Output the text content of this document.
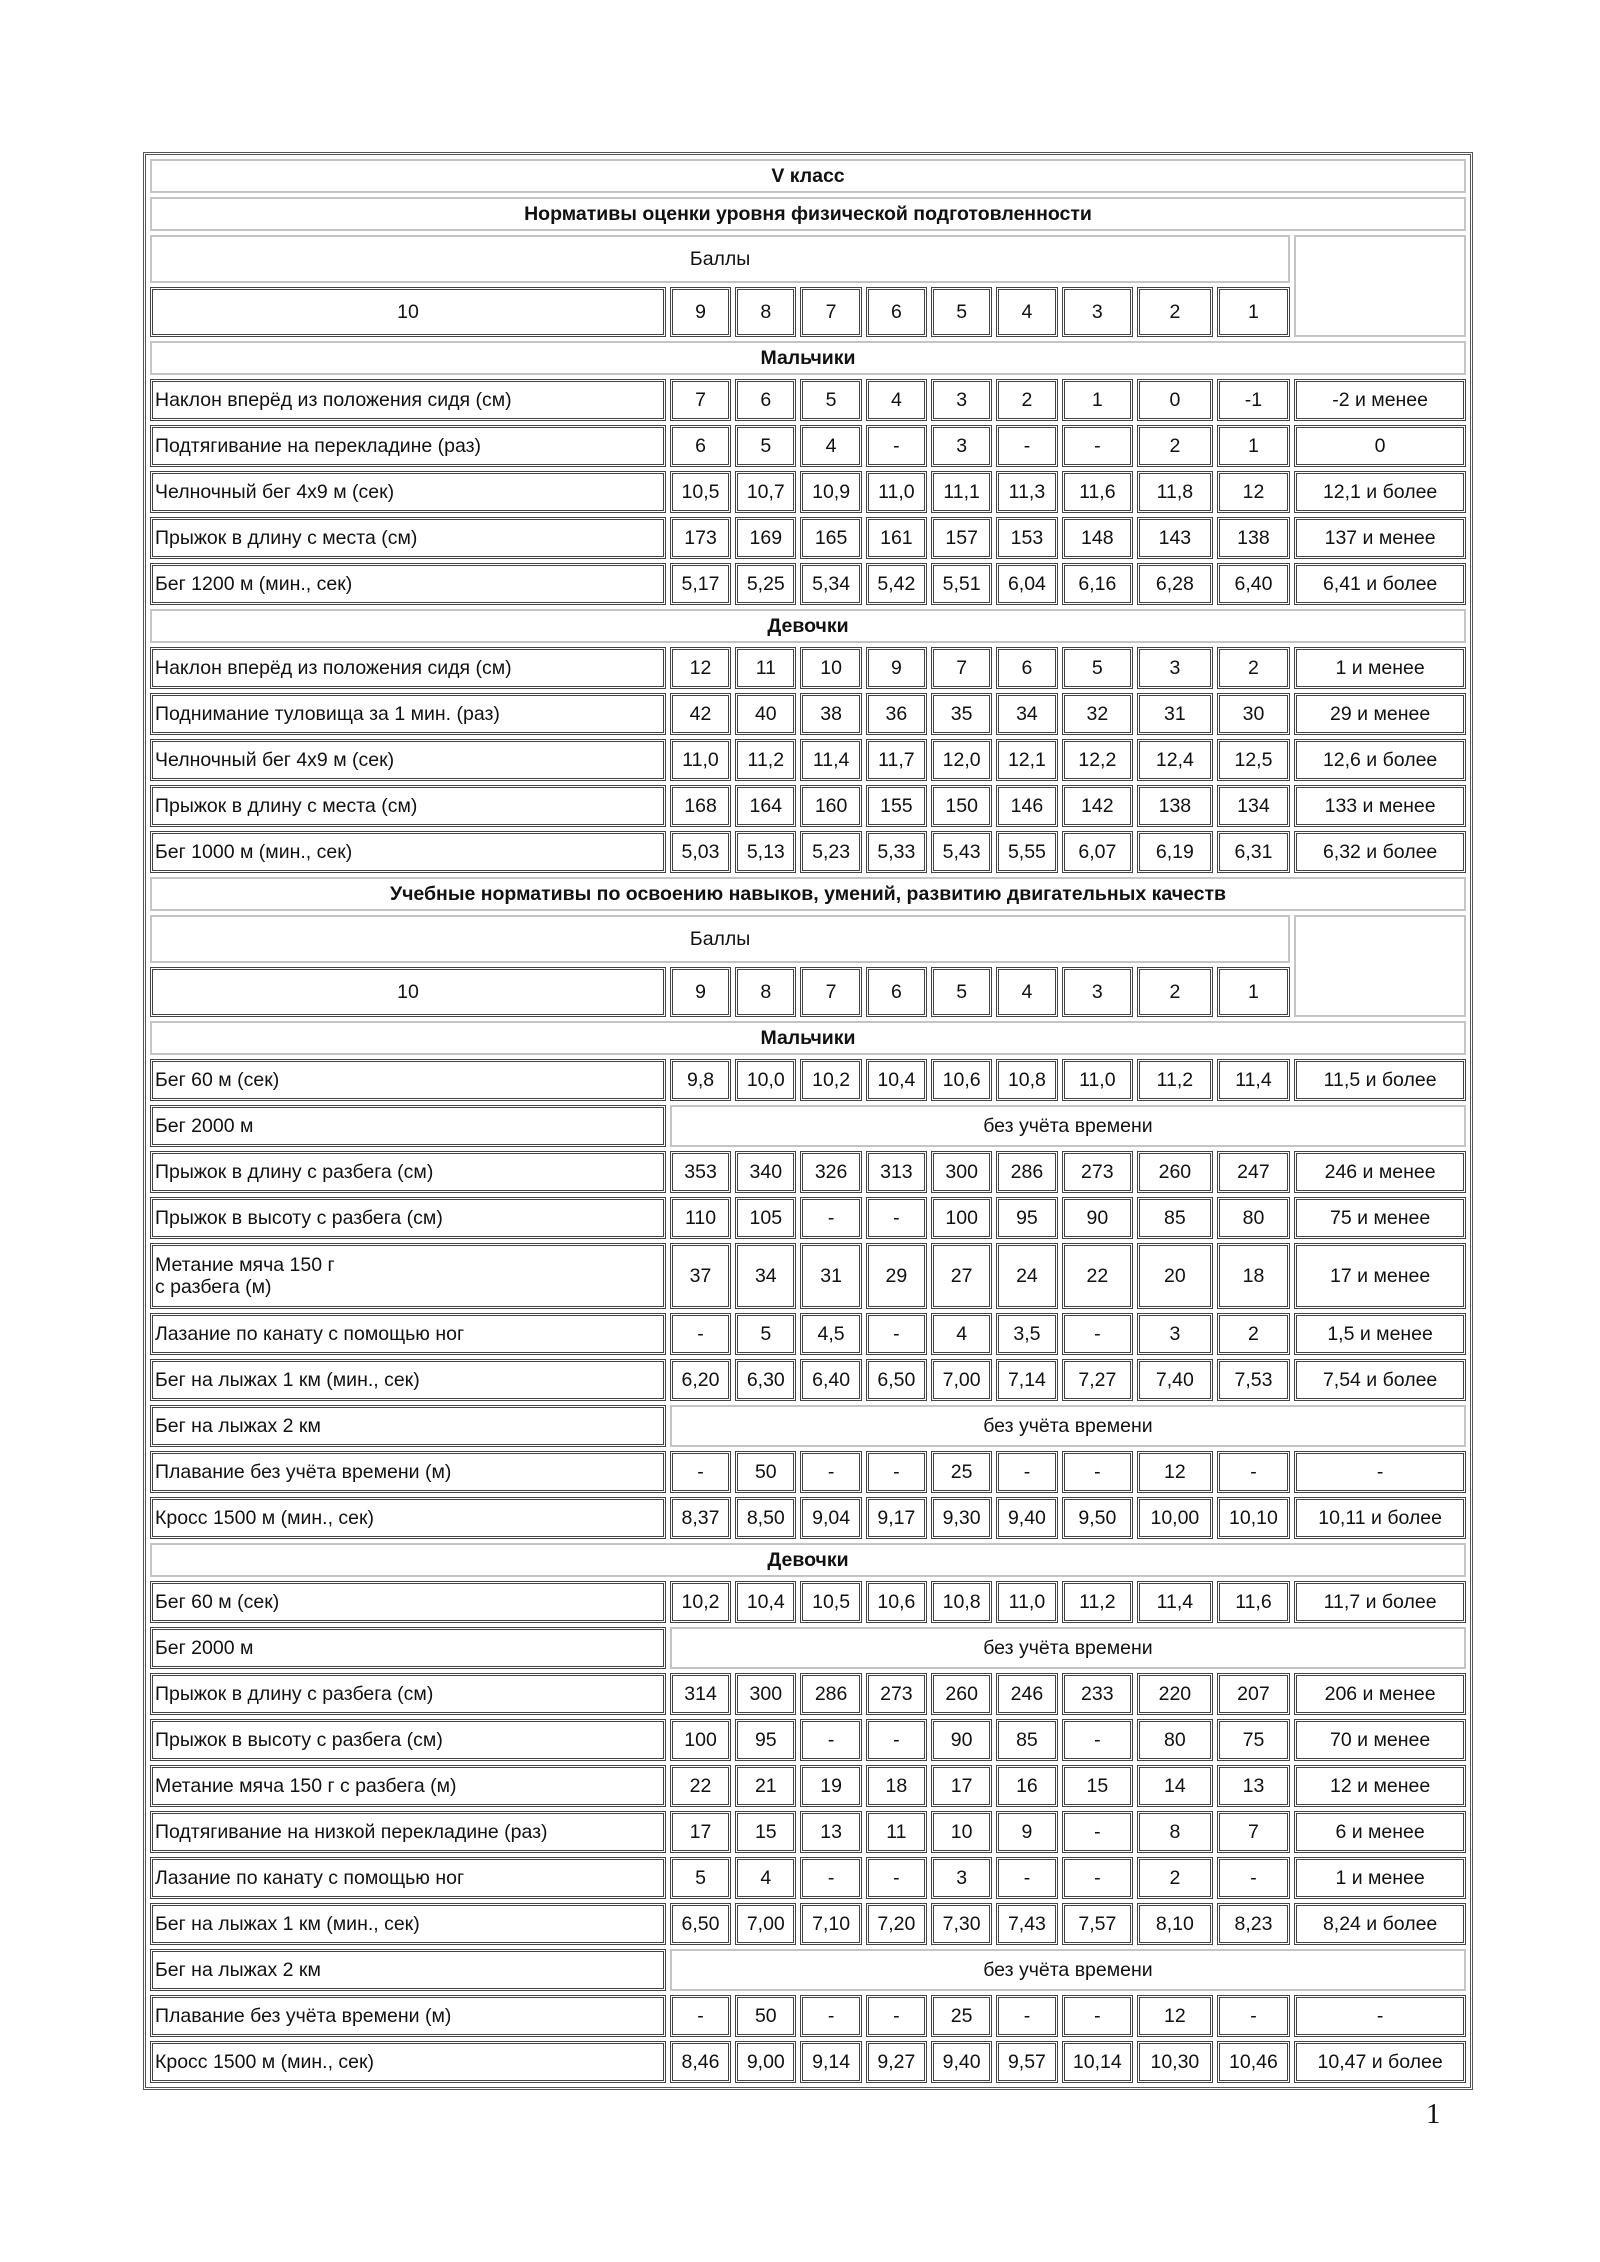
V класс										
Нормативы оценки уровня физической подготовленности										
Баллы										
10	9	8	7	6	5	4	3	2	1	
Мальчики										
Наклон вперёд из положения сидя (см)	7	6	5	4	3	2	1	0	-1	-2 и менее
Подтягивание на перекладине (раз)	6	5	4	-	3	-	-	2	1	0
Челночный бег 4х9 м (сек)	10,5	10,7	10,9	11,0	11,1	11,3	11,6	11,8	12	12,1 и более
Прыжок в длину с места (см)	173	169	165	161	157	153	148	143	138	137 и менее
Бег 1200 м (мин., сек)	5,17	5,25	5,34	5,42	5,51	6,04	6,16	6,28	6,40	6,41 и более
Девочки										
Наклон вперёд из положения сидя (см)	12	11	10	9	7	6	5	3	2	1 и менее
Поднимание туловища за 1 мин. (раз)	42	40	38	36	35	34	32	31	30	29 и менее
Челночный бег 4х9 м (сек)	11,0	11,2	11,4	11,7	12,0	12,1	12,2	12,4	12,5	12,6 и более
Прыжок в длину с места (см)	168	164	160	155	150	146	142	138	134	133 и менее
Бег 1000 м (мин., сек)	5,03	5,13	5,23	5,33	5,43	5,55	6,07	6,19	6,31	6,32 и более
Учебные нормативы по освоению навыков, умений, развитию двигательных качеств										
Баллы										
10	9	8	7	6	5	4	3	2	1	
Мальчики										
Бег 60 м (сек)	9,8	10,0	10,2	10,4	10,6	10,8	11,0	11,2	11,4	11,5 и более
Бег 2000 м	без учёта времени									
Прыжок в длину с разбега (см)	353	340	326	313	300	286	273	260	247	246 и менее
Прыжок в высоту с разбега (см)	110	105	-	-	100	95	90	85	80	75 и менее

Метание мяча 150 г
с разбега (м)	37	34	31	29	27	24	22	20	18	17 и менее
Лазание по канату с помощью ног	-	5	4,5	-	4	3,5	-	3	2	1,5 и менее
Бег на лыжах 1 км (мин., сек)	6,20	6,30	6,40	6,50	7,00	7,14	7,27	7,40	7,53	7,54 и более
Бег на лыжах 2 км	без учёта времени									
Плавание без учёта времени (м)	-	50	-	-	25	-	-	12	-	-
Кросс 1500 м (мин., сек)	8,37	8,50	9,04	9,17	9,30	9,40	9,50	10,00	10,10	10,11 и более
Девочки										
Бег 60 м (сек)	10,2	10,4	10,5	10,6	10,8	11,0	11,2	11,4	11,6	11,7 и более
Бег 2000 м	без учёта времени									
Прыжок в длину с разбега (см)	314	300	286	273	260	246	233	220	207	206 и менее
Прыжок в высоту с разбега (см)	100	95	-	-	90	85	-	80	75	70 и менее
Метание мяча 150 г с разбега (м)	22	21	19	18	17	16	15	14	13	12 и менее
Подтягивание на низкой перекладине (раз)	17	15	13	11	10	9	-	8	7	6 и менее
Лазание по канату с помощью ног	5	4	-	-	3	-	-	2	-	1 и менее
Бег на лыжах 1 км (мин., сек)	6,50	7,00	7,10	7,20	7,30	7,43	7,57	8,10	8,23	8,24 и более
Бег на лыжах 2 км	без учёта времени									
Плавание без учёта времени (м)	-	50	-	-	25	-	-	12	-	-
Кросс 1500 м (мин., сек)	8,46	9,00	9,14	9,27	9,40	9,57	10,14	10,30	10,46	10,47 и более
1
